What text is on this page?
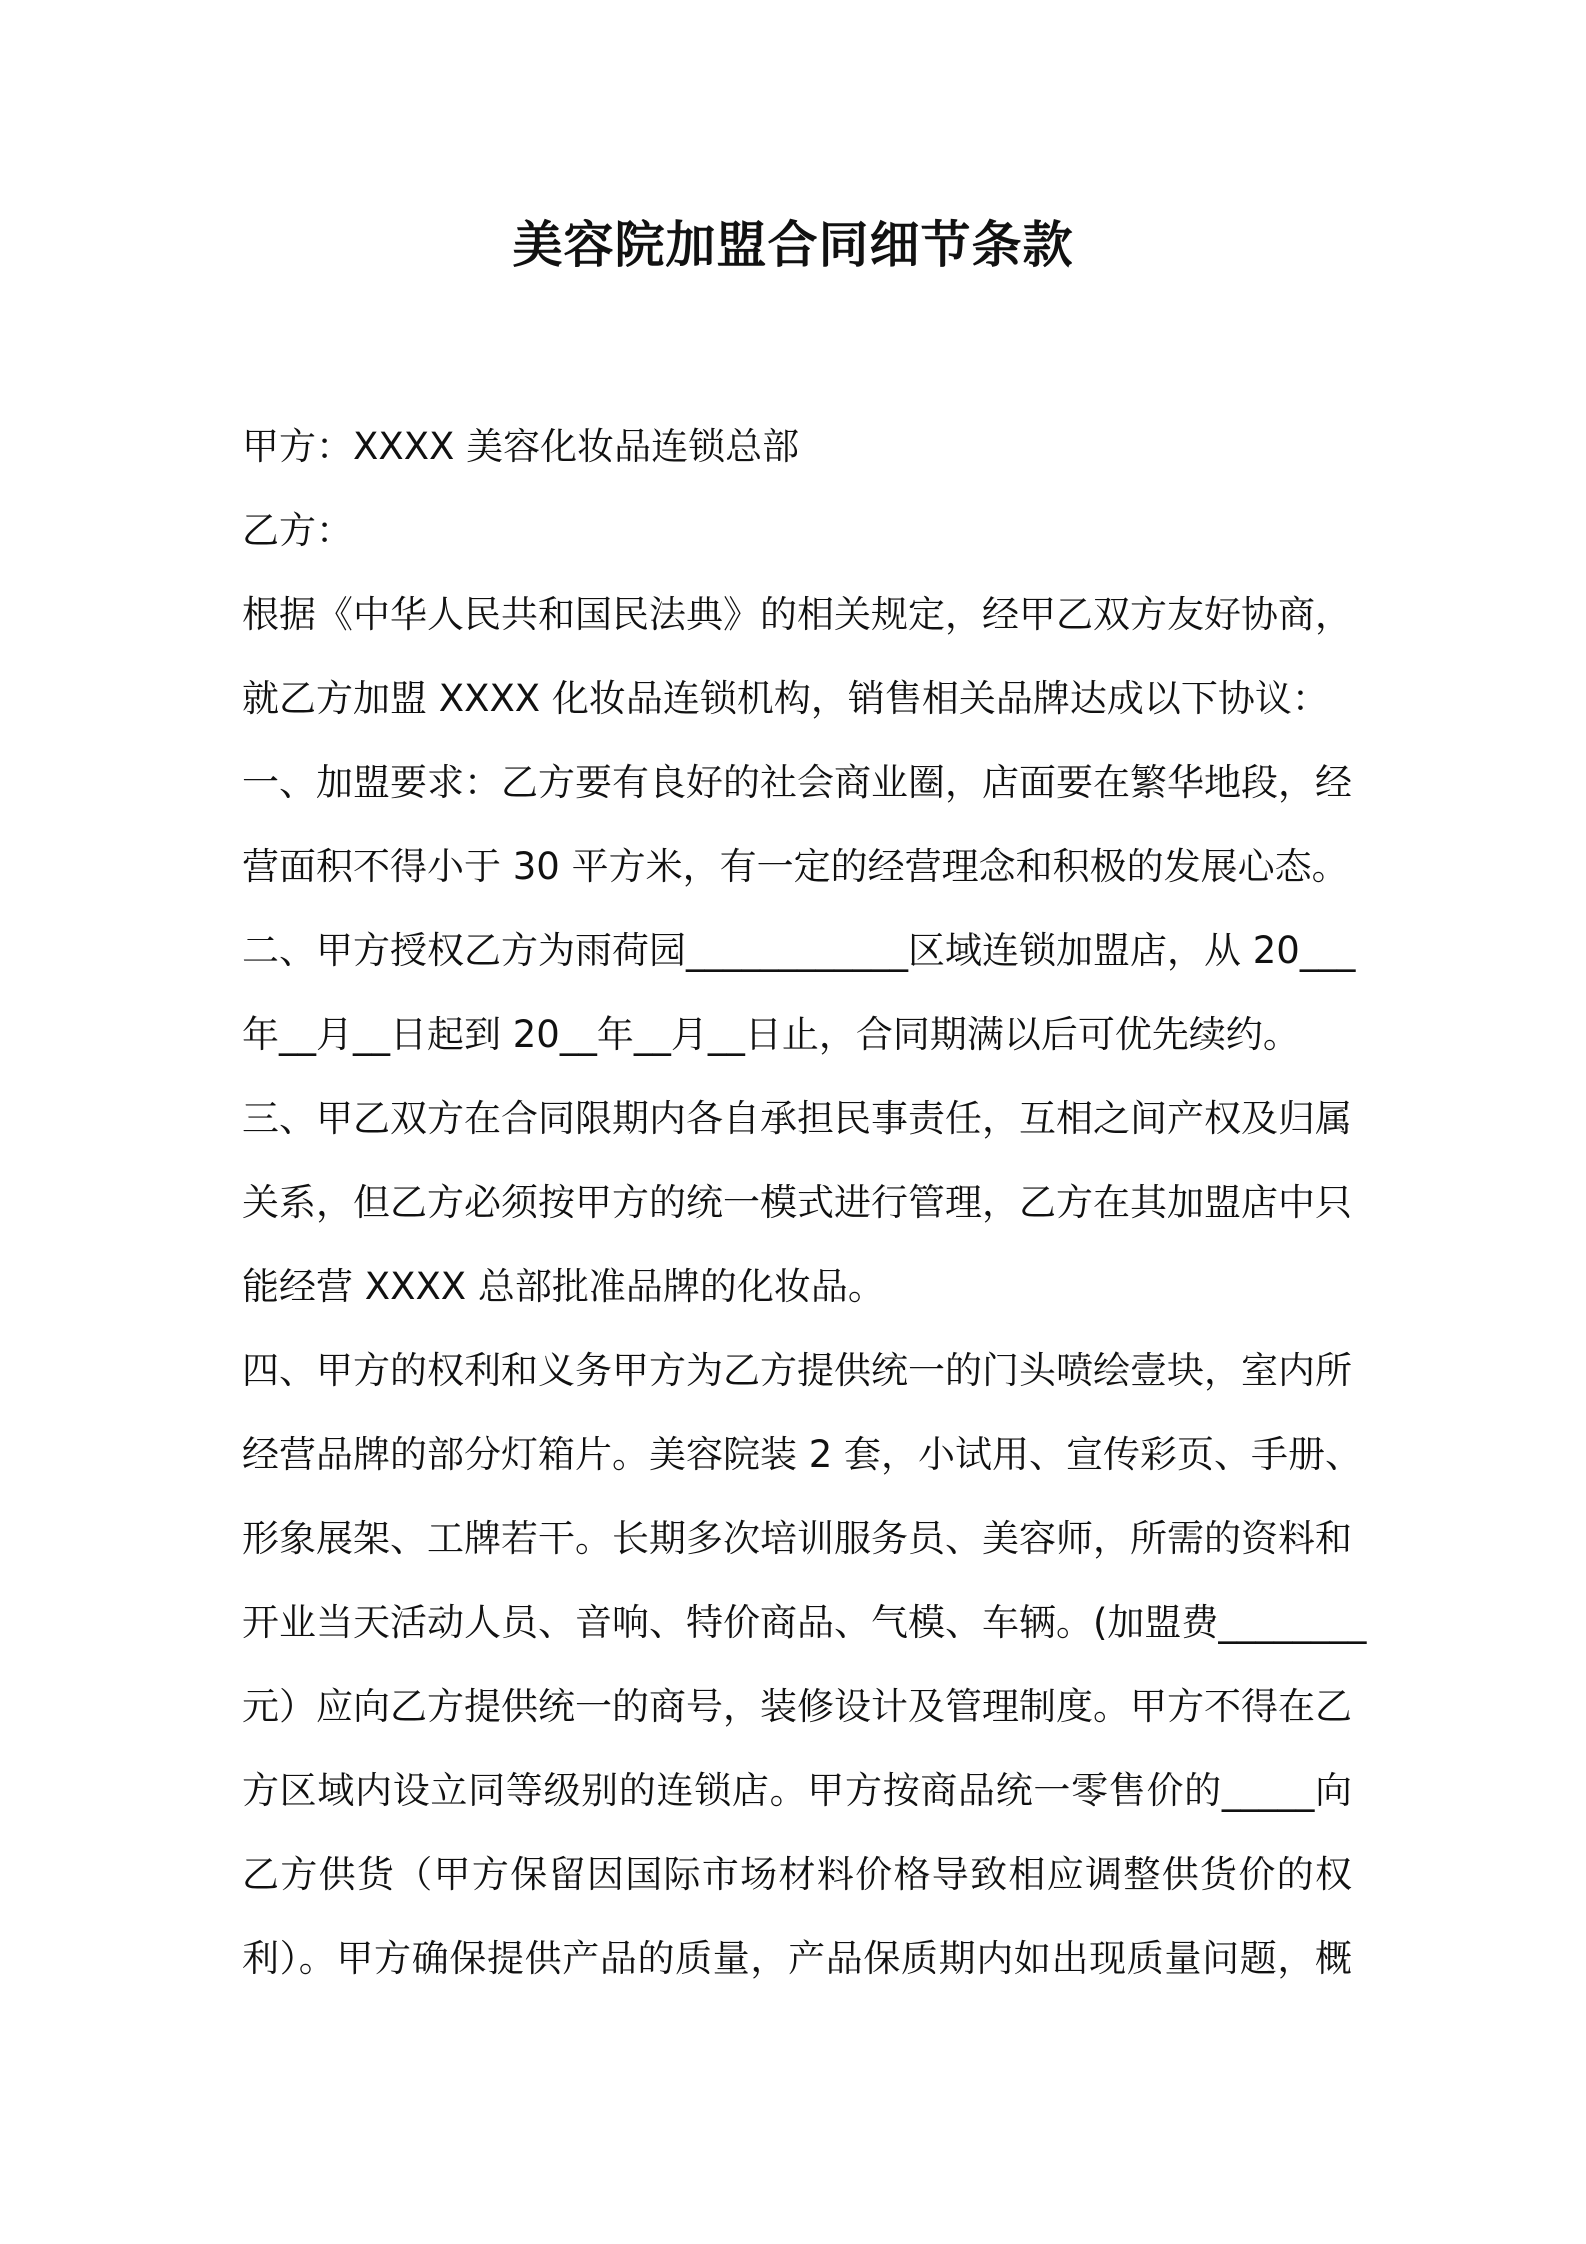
美容院加盟合同细节条款
甲方：XXXX 美容化妆品连锁总部
乙方：
根据《中华人民共和国民法典》的相关规定，经甲乙双方友好协商，
就乙方加盟 XXXX 化妆品连锁机构，销售相关品牌达成以下协议：
一、加盟要求：乙方要有良好的社会商业圈，店面要在繁华地段，经
营面积不得小于 30 平方米，有一定的经营理念和积极的发展心态。
二、甲方授权乙方为雨荷园____________区域连锁加盟店，从 20___
年__月__日起到 20__年__月__日止，合同期满以后可优先续约。
三、甲乙双方在合同限期内各自承担民事责任，互相之间产权及归属
关系，但乙方必须按甲方的统一模式进行管理，乙方在其加盟店中只
能经营 XXXX 总部批准品牌的化妆品。
四、甲方的权利和义务甲方为乙方提供统一的门头喷绘壹块，室内所
经营品牌的部分灯箱片。美容院装 2 套，小试用、宣传彩页、手册、
形象展架、工牌若干。长期多次培训服务员、美容师，所需的资料和
开业当天活动人员、音响、特价商品、气模、车辆。(加盟费________
元）应向乙方提供统一的商号，装修设计及管理制度。甲方不得在乙
方区域内设立同等级别的连锁店。甲方按商品统一零售价的_____向
乙方供货（甲方保留因国际市场材料价格导致相应调整供货价的权
利）。甲方确保提供产品的质量，产品保质期内如出现质量问题，概
